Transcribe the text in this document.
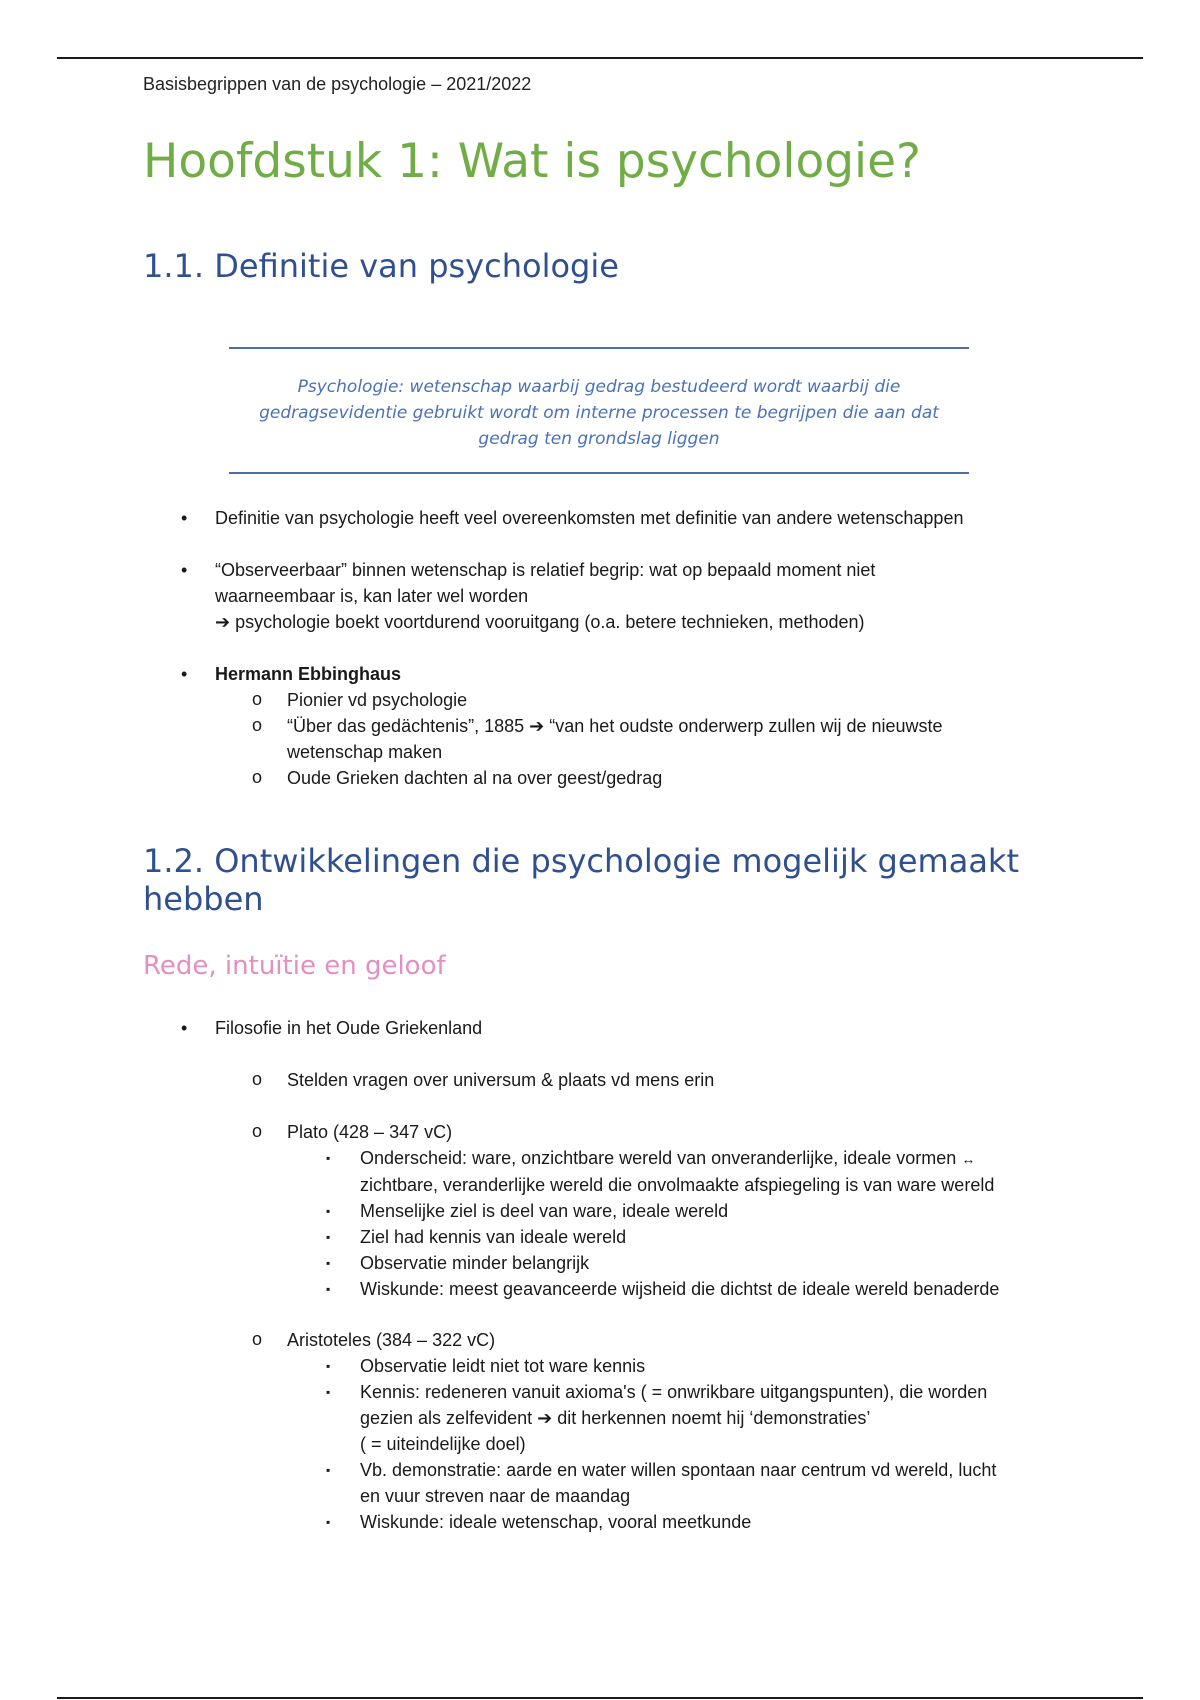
Basisbegrippen van de psychologie – 2021/2022

Hoofdstuk 1: Wat is psychologie?
1.1. Definitie van psychologie
Psychologie: wetenschap waarbij gedrag bestudeerd wordt waarbij die
gedragsevidentie gebruikt wordt om interne processen te begrijpen die aan dat
gedrag ten grondslag liggen
• Definitie van psychologie heeft veel overeenkomsten met definitie van andere wetenschappen
• “Observeerbaar” binnen wetenschap is relatief begrip: wat op bepaald moment niet
waarneembaar is, kan later wel worden
➔ psychologie boekt voortdurend vooruitgang (o.a. betere technieken, methoden)
• Hermann Ebbinghaus
o Pionier vd psychologie
o “Über das gedächtenis”, 1885 ➔ “van het oudste onderwerp zullen wij de nieuwste
wetenschap maken
o Oude Grieken dachten al na over geest/gedrag
1.2. Ontwikkelingen die psychologie mogelijk gemaakt
hebben
Rede, intuïtie en geloof
• Filosofie in het Oude Griekenland
o Stelden vragen over universum & plaats vd mens erin
o Plato (428 – 347 vC)
▪ Onderscheid: ware, onzichtbare wereld van onveranderlijke, ideale vormen ↔
zichtbare, veranderlijke wereld die onvolmaakte afspiegeling is van ware wereld
▪ Menselijke ziel is deel van ware, ideale wereld
▪ Ziel had kennis van ideale wereld
▪ Observatie minder belangrijk
▪ Wiskunde: meest geavanceerde wijsheid die dichtst de ideale wereld benaderde
o Aristoteles (384 – 322 vC)
▪ Observatie leidt niet tot ware kennis
▪ Kennis: redeneren vanuit axioma's ( = onwrikbare uitgangspunten), die worden
gezien als zelfevident ➔ dit herkennen noemt hij ‘demonstraties’
( = uiteindelijke doel)
▪ Vb. demonstratie: aarde en water willen spontaan naar centrum vd wereld, lucht
en vuur streven naar de maandag
▪ Wiskunde: ideale wetenschap, vooral meetkunde
